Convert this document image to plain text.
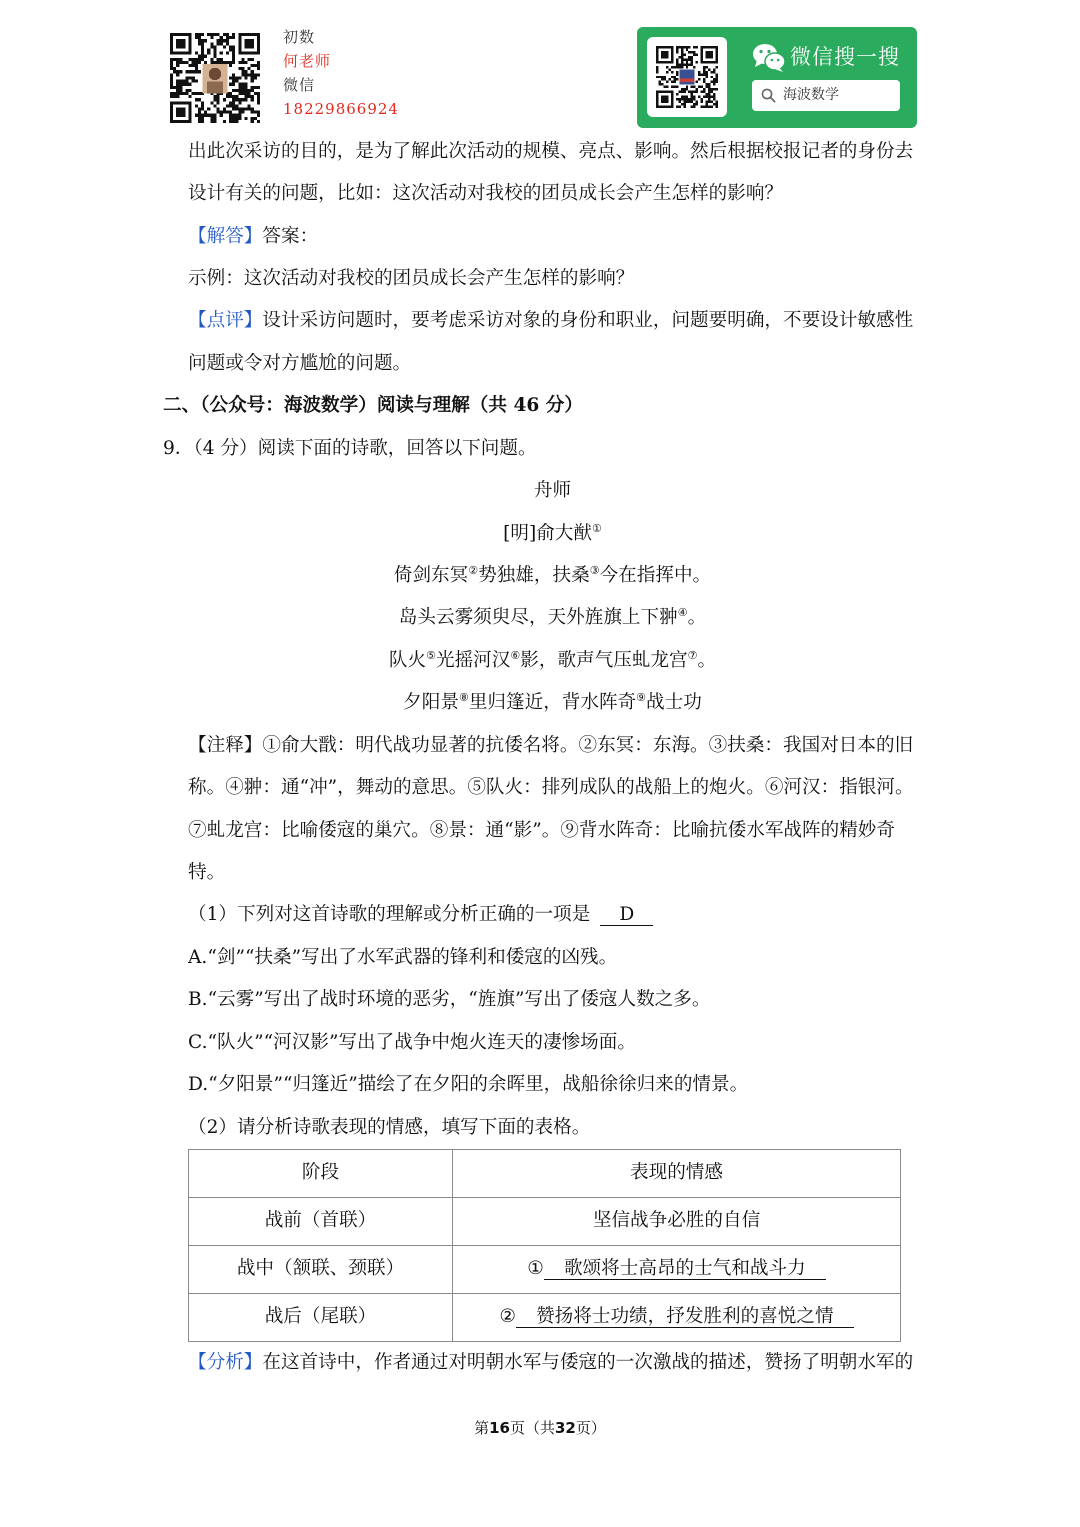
初数
何老师
微信
18229866924
微信搜一搜
海波数学
出此次采访的目的，是为了解此次活动的规模、亮点、影响。然后根据校报记者的身份去
设计有关的问题，比如：这次活动对我校的团员成长会产生怎样的影响？
【解答】答案：
示例：这次活动对我校的团员成长会产生怎样的影响？
【点评】设计采访问题时，要考虑采访对象的身份和职业，问题要明确，不要设计敏感性
问题或令对方尴尬的问题。
二、（公众号：海波数学）阅读与理解（共 46 分）
9．（4 分）阅读下面的诗歌，回答以下问题。
舟师
[明]俞大猷①
倚剑东冥②势独雄，扶桑③今在指挥中。
岛头云雾须臾尽，天外旌旗上下翀④。
队火⑤光摇河汉⑥影，歌声气压虬龙宫⑦。
夕阳景⑧里归篷近，背水阵奇⑨战士功
【注释】①俞大戬：明代战功显著的抗倭名将。②东冥：东海。③扶桑：我国对日本的旧
称。④翀：通“冲”，舞动的意思。⑤队火：排列成队的战船上的炮火。⑥河汉：指银河。
⑦虬龙宫：比喻倭寇的巢穴。⑧景：通“影”。⑨背水阵奇：比喻抗倭水军战阵的精妙奇
特。
（1）下列对这首诗歌的理解或分析正确的一项是 D
A.“剑”“扶桑”写出了水军武器的锋利和倭寇的凶残。
B.“云雾”写出了战时环境的恶劣，“旌旗”写出了倭寇人数之多。
C.“队火”“河汉影”写出了战争中炮火连天的凄惨场面。
D.“夕阳景”“归篷近”描绘了在夕阳的余晖里，战船徐徐归来的情景。
（2）请分析诗歌表现的情感，填写下面的表格。
阶段	表现的情感
战前（首联）	坚信战争必胜的自信
战中（颔联、颈联）	① 歌颂将士高昂的士气和战斗力
战后（尾联）	② 赞扬将士功绩，抒发胜利的喜悦之情
【分析】在这首诗中，作者通过对明朝水军与倭寇的一次激战的描述，赞扬了明朝水军的
第16页（共32页）
